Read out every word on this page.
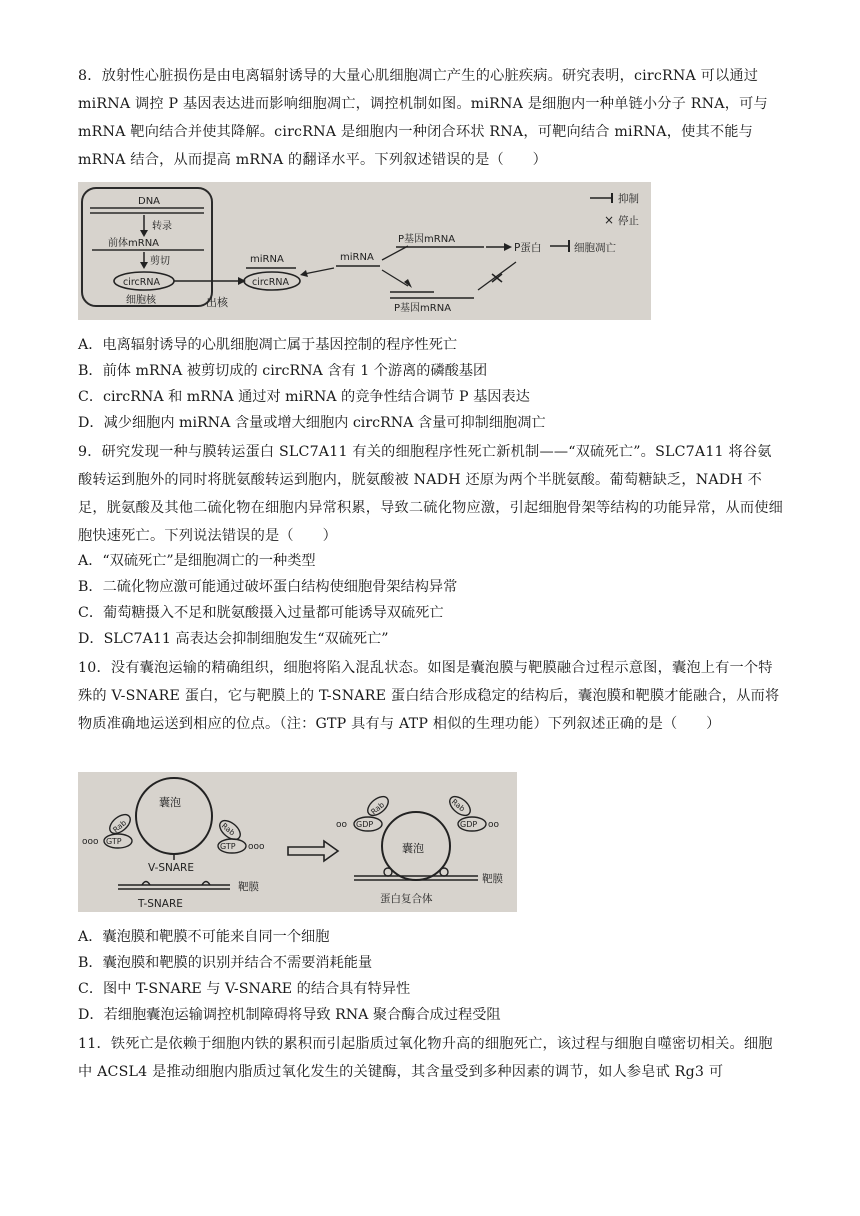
8．放射性心脏损伤是由电离辐射诱导的大量心肌细胞凋亡产生的心脏疾病。研究表明，circRNA 可以通过 miRNA 调控 P 基因表达进而影响细胞凋亡，调控机制如图。miRNA 是细胞内一种单链小分子 RNA，可与 mRNA 靶向结合并使其降解。circRNA 是细胞内一种闭合环状 RNA，可靶向结合 miRNA，使其不能与 mRNA 结合，从而提高 mRNA 的翻译水平。下列叙述错误的是（　　）

DNA
转录
前体mRNA
剪切
circRNA
细胞核	出核
miRNA
circRNA
miRNA
P基因mRNA
P蛋白	细胞凋亡
P基因mRNA
抑制
× 停止

A．电离辐射诱导的心肌细胞凋亡属于基因控制的程序性死亡

B．前体 mRNA 被剪切成的 circRNA 含有 1 个游离的磷酸基团

C．circRNA 和 mRNA 通过对 miRNA 的竞争性结合调节 P 基因表达

D．减少细胞内 miRNA 含量或增大细胞内 circRNA 含量可抑制细胞凋亡

9．研究发现一种与膜转运蛋白 SLC7A11 有关的细胞程序性死亡新机制——“双硫死亡”。SLC7A11 将谷氨酸转运到胞外的同时将胱氨酸转运到胞内，胱氨酸被 NADH 还原为两个半胱氨酸。葡萄糖缺乏，NADH 不足，胱氨酸及其他二硫化物在细胞内异常积累，导致二硫化物应激，引起细胞骨架等结构的功能异常，从而使细胞快速死亡。下列说法错误的是（　　）

A．“双硫死亡”是细胞凋亡的一种类型

B．二硫化物应激可能通过破坏蛋白结构使细胞骨架结构异常

C．葡萄糖摄入不足和胱氨酸摄入过量都可能诱导双硫死亡

D．SLC7A11 高表达会抑制细胞发生“双硫死亡”

10．没有囊泡运输的精确组织，细胞将陷入混乱状态。如图是囊泡膜与靶膜融合过程示意图，囊泡上有一个特殊的 V-SNARE 蛋白，它与靶膜上的 T-SNARE 蛋白结合形成稳定的结构后，囊泡膜和靶膜才能融合，从而将物质准确地运送到相应的位点。（注：GTP 具有与 ATP 相似的生理功能）下列叙述正确的是（　　）

囊泡
Rab
GTP
ooo
Rab
GTP ooo
V-SNARE
靶膜
T-SNARE
囊泡
Rab
GDP
oo
Rab
GDP oo
靶膜
蛋白复合体

A．囊泡膜和靶膜不可能来自同一个细胞

B．囊泡膜和靶膜的识别并结合不需要消耗能量

C．图中 T-SNARE 与 V-SNARE 的结合具有特异性

D．若细胞囊泡运输调控机制障碍将导致 RNA 聚合酶合成过程受阻

11．铁死亡是依赖于细胞内铁的累积而引起脂质过氧化物升高的细胞死亡，该过程与细胞自噬密切相关。细胞中 ACSL4 是推动细胞内脂质过氧化发生的关键酶，其含量受到多种因素的调节，如人参皂甙 Rg3 可
